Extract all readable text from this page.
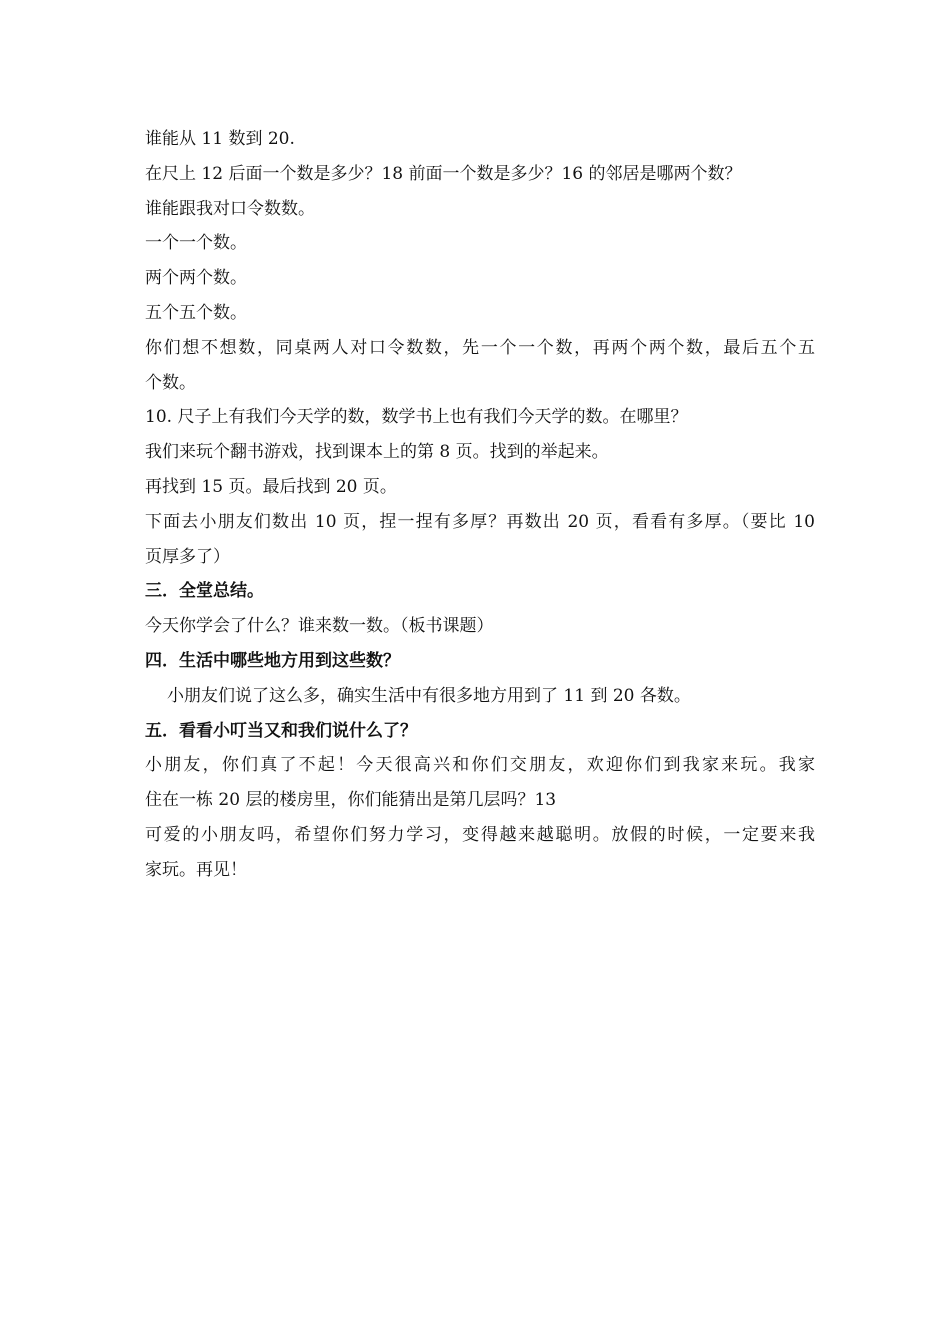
谁能从 11 数到 20.
在尺上 12 后面一个数是多少？18 前面一个数是多少？16 的邻居是哪两个数？
谁能跟我对口令数数。
一个一个数。
两个两个数。
五个五个数。
你们想不想数，同桌两人对口令数数，先一个一个数，再两个两个数，最后五个五
个数。
10. 尺子上有我们今天学的数，数学书上也有我们今天学的数。在哪里？
我们来玩个翻书游戏，找到课本上的第 8 页。找到的举起来。
再找到 15 页。最后找到 20 页。
下面去小朋友们数出 10 页，捏一捏有多厚？再数出 20 页，看看有多厚。（要比 10
页厚多了）
三．全堂总结。
今天你学会了什么？谁来数一数。（板书课题）
四．生活中哪些地方用到这些数？
小朋友们说了这么多，确实生活中有很多地方用到了 11 到 20 各数。
五．看看小叮当又和我们说什么了？
小朋友，你们真了不起！今天很高兴和你们交朋友，欢迎你们到我家来玩。我家
住在一栋 20 层的楼房里，你们能猜出是第几层吗？13
可爱的小朋友吗，希望你们努力学习，变得越来越聪明。放假的时候，一定要来我
家玩。再见！
